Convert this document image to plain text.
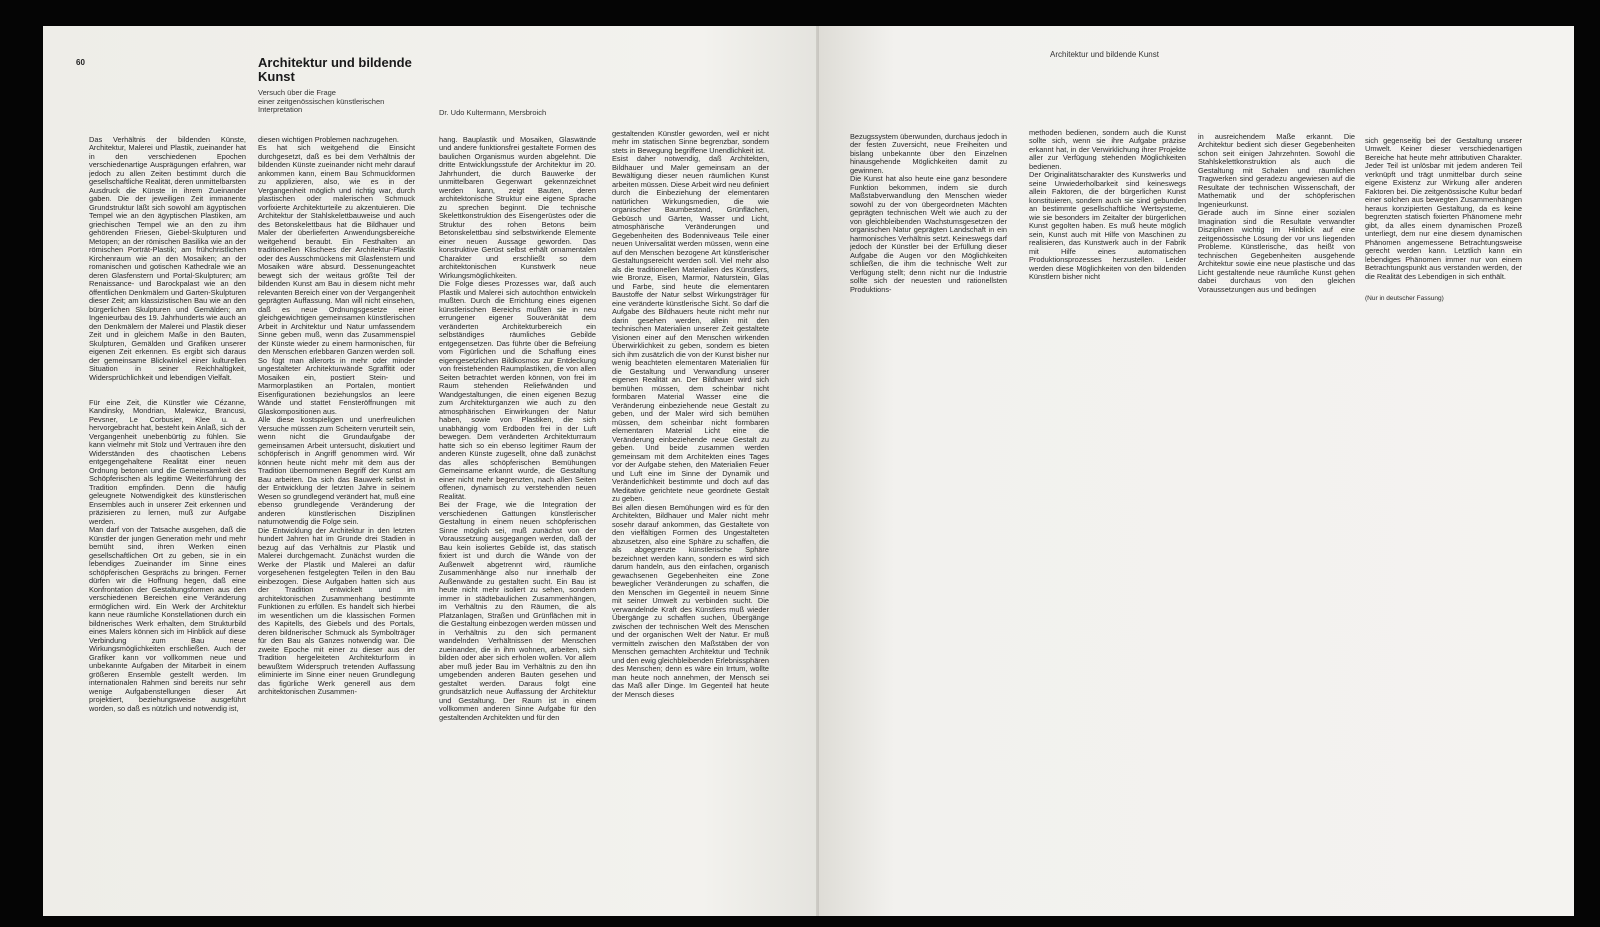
60	Architektur und bildende
Kunst
Versuch über die Frage
einer zeitgenössischen künstlerischen
Interpretation	Dr. Udo Kultermann, Mersbroich

Das Verhältnis der bildenden Künste, Architektur, Malerei und Plastik, zueinander hat in den verschiedenen Epochen verschiedenartige Ausprägungen erfahren, war jedoch zu allen Zeiten bestimmt durch die gesellschaftliche Realität, deren unmittelbarsten Ausdruck die Künste in ihrem Zueinander gaben. Die der jeweiligen Zeit immanente Grundstruktur läßt sich sowohl am ägyptischen Tempel wie an den ägyptischen Plastiken, am griechischen Tempel wie an den zu ihm gehörenden Friesen, Giebel-Skulpturen und Metopen; an der römischen Basilika wie an der römischen Porträt-Plastik; am frühchristlichen Kirchenraum wie an den Mosaiken; an der romanischen und gotischen Kathedrale wie an deren Glasfenstern und Portal-Skulpturen; am Renaissance- und Barockpalast wie an den öffentlichen Denkmälern und Garten-Skulpturen dieser Zeit; am klassizistischen Bau wie an den bürgerlichen Skulpturen und Gemälden; am Ingenieurbau des 19. Jahrhunderts wie auch an den Denkmälern der Malerei und Plastik dieser Zeit und in gleichem Maße in den Bauten, Skulpturen, Gemälden und Grafiken unserer eigenen Zeit erkennen. Es ergibt sich daraus der gemeinsame Blickwinkel einer kulturellen Situation in seiner Reichhaltigkeit, Widersprüchlichkeit und lebendigen Vielfalt.

Für eine Zeit, die Künstler wie Cézanne, Kandinsky, Mondrian, Malewicz, Brancusi, Pevsner, Le Corbusier, Klee u. a. hervorgebracht hat, besteht kein Anlaß, sich der Vergangenheit unebenbürtig zu fühlen. Sie kann vielmehr mit Stolz und Vertrauen ihre den Widerständen des chaotischen Lebens entgegengehaltene Realität einer neuen Ordnung betonen und die Gemeinsamkeit des Schöpferischen als legitime Weiterführung der Tradition empfinden. Denn die häufig geleugnete Notwendigkeit des künstlerischen Ensembles auch in unserer Zeit erkennen und präzisieren zu lernen, muß zur Aufgabe werden.
Man darf von der Tatsache ausgehen, daß die Künstler der jungen Generation mehr und mehr bemüht sind, ihren Werken einen gesellschaftlichen Ort zu geben, sie in ein lebendiges Zueinander im Sinne eines schöpferischen Gesprächs zu bringen. Ferner dürfen wir die Hoffnung hegen, daß eine Konfrontation der Gestaltungsformen aus den verschiedenen Bereichen eine Veränderung ermöglichen wird. Ein Werk der Architektur kann neue räumliche Konstellationen durch ein bildnerisches Werk erhalten, dem Strukturbild eines Malers können sich im Hinblick auf diese Verbindung zum Bau neue Wirkungsmöglichkeiten erschließen. Auch der Grafiker kann vor vollkommen neue und unbekannte Aufgaben der Mitarbeit in einem größeren Ensemble gestellt werden. Im internationalen Rahmen sind bereits nur sehr wenige Aufgabenstellungen dieser Art projektiert, beziehungsweise ausgeführt worden, so daß es nützlich und notwendig ist,

diesen wichtigen Problemen nachzugehen.
Es hat sich weitgehend die Einsicht durchgesetzt, daß es bei dem Verhältnis der bildenden Künste zueinander nicht mehr darauf ankommen kann, einem Bau Schmuckformen zu applizieren, also, wie es in der Vergangenheit möglich und richtig war, durch plastischen oder malerischen Schmuck vorfixierte Architekturteile zu akzentuieren. Die Architektur der Stahlskelettbauweise und auch des Betonskelettbaus hat die Bildhauer und Maler der überlieferten Anwendungsbereiche weitgehend beraubt. Ein Festhalten an traditionellen Klischees der Architektur-Plastik oder des Ausschmückens mit Glasfenstern und Mosaiken wäre absurd. Dessenungeachtet bewegt sich der weitaus größte Teil der bildenden Kunst am Bau in diesem nicht mehr relevanten Bereich einer von der Vergangenheit geprägten Auffassung. Man will nicht einsehen, daß es neue Ordnungsgesetze einer gleichgewichtigen gemeinsamen künstlerischen Arbeit in Architektur und Natur umfassendem Sinne geben muß, wenn das Zusammenspiel der Künste wieder zu einem harmonischen, für den Menschen erlebbaren Ganzen werden soll. So fügt man allerorts in mehr oder minder ungestalteter Architekturwände Sgraffitit oder Mosaiken ein, postiert Stein- und Marmorplastiken an Portalen, montiert Eisenfigurationen beziehungslos an leere Wände und stattet Fensteröffnungen mit Glaskompositionen aus.
Alle diese kostspieligen und unerfreulichen Versuche müssen zum Scheitern verurteilt sein, wenn nicht die Grundaufgabe der gemeinsamen Arbeit untersucht, diskutiert und schöpferisch in Angriff genommen wird. Wir können heute nicht mehr mit dem aus der Tradition übernommenen Begriff der Kunst am Bau arbeiten. Da sich das Bauwerk selbst in der Entwicklung der letzten Jahre in seinem Wesen so grundlegend verändert hat, muß eine ebenso grundlegende Veränderung der anderen künstlerischen Disziplinen naturnotwendig die Folge sein.
Die Entwicklung der Architektur in den letzten hundert Jahren hat im Grunde drei Stadien in bezug auf das Verhältnis zur Plastik und Malerei durchgemacht. Zunächst wurden die Werke der Plastik und Malerei an dafür vorgesehenen festgelegten Teilen in den Bau einbezogen. Diese Aufgaben hatten sich aus der Tradition entwickelt und im architektonischen Zusammenhang bestimmte Funktionen zu erfüllen. Es handelt sich hierbei im wesentlichen um die klassischen Formen des Kapitells, des Giebels und des Portals, deren bildnerischer Schmuck als Symbolträger für den Bau als Ganzes notwendig war. Die zweite Epoche mit einer zu dieser aus der Tradition hergeleiteten Architekturform in bewußtem Widerspruch tretenden Auffassung eliminierte im Sinne einer neuen Grundlegung das figürliche Werk generell aus dem architektonischen Zusammen-

hang. Bauplastik und Mosaiken, Glaswände und andere funktionsfrei gestaltete Formen des baulichen Organismus wurden abgelehnt. Die dritte Entwicklungsstufe der Architektur im 20. Jahrhundert, die durch Bauwerke der unmittelbaren Gegenwart gekennzeichnet werden kann, zeigt Bauten, deren architektonische Struktur eine eigene Sprache zu sprechen beginnt. Die technische Skelettkonstruktion des Eisengerüstes oder die Struktur des rohen Betons beim Betonskelettbau sind selbstwirkende Elemente einer neuen Aussage geworden. Das konstruktive Gerüst selbst erhält ornamentalen Charakter und erschließt so dem architektonischen Kunstwerk neue Wirkungsmöglichkeiten.
Die Folge dieses Prozesses war, daß auch Plastik und Malerei sich autochthon entwickeln mußten. Durch die Errichtung eines eigenen künstlerischen Bereichs mußten sie in neu errungener eigener Souveränität dem veränderten Architekturbereich ein selbständiges räumliches Gebilde entgegensetzen. Das führte über die Befreiung vom Figürlichen und die Schaffung eines eigengesetzlichen Bildkosmos zur Entdeckung von freistehenden Raumplastiken, die von allen Seiten betrachtet werden können, von frei im Raum stehenden Reliefwänden und Wandgestaltungen, die einen eigenen Bezug zum Architekturganzen wie auch zu den atmosphärischen Einwirkungen der Natur haben, sowie von Plastiken, die sich unabhängig vom Erdboden frei in der Luft bewegen. Dem veränderten Architekturraum hatte sich so ein ebenso legitimer Raum der anderen Künste zugesellt, ohne daß zunächst das alles schöpferischen Bemühungen Gemeinsame erkannt wurde, die Gestaltung einer nicht mehr begrenzten, nach allen Seiten offenen, dynamisch zu verstehenden neuen Realität.
Bei der Frage, wie die Integration der verschiedenen Gattungen künstlerischer Gestaltung in einem neuen schöpferischen Sinne möglich sei, muß zunächst von der Voraussetzung ausgegangen werden, daß der Bau kein isoliertes Gebilde ist, das statisch fixiert ist und durch die Wände von der Außenwelt abgetrennt wird, räumliche Zusammenhänge also nur innerhalb der Außenwände zu gestalten sucht. Ein Bau ist heute nicht mehr isoliert zu sehen, sondern immer in städtebaulichen Zusammenhängen, im Verhältnis zu den Räumen, die als Platzanlagen, Straßen und Grünflächen mit in die Gestaltung einbezogen werden müssen und in Verhältnis zu den sich permanent wandelnden Verhältnissen der Menschen zueinander, die in ihm wohnen, arbeiten, sich bilden oder aber sich erholen wollen. Vor allem aber muß jeder Bau im Verhältnis zu den ihn umgebenden anderen Bauten gesehen und gestaltet werden. Daraus folgt eine grundsätzlich neue Auffassung der Architektur und Gestaltung. Der Raum ist in einem vollkommen anderen Sinne Aufgabe für den gestaltenden Architekten und für den

gestaltenden Künstler geworden, weil er nicht mehr im statischen Sinne begrenzbar, sondern stets in Bewegung begriffene Unendlichkeit ist.
Esist daher notwendig, daß Architekten, Bildhauer und Maler gemeinsam an der Bewältigung dieser neuen räumlichen Kunst arbeiten müssen. Diese Arbeit wird neu definiert durch die Einbeziehung der elementaren natürlichen Wirkungsmedien, die wie organischer Baumbestand, Grünflächen, Gebüsch und Gärten, Wasser und Licht, atmosphärische Veränderungen und Gegebenheiten des Bodenniveaus Teile einer neuen Universalität werden müssen, wenn eine auf den Menschen bezogene Art künstlerischer Gestaltungsereicht werden soll. Viel mehr also als die traditionellen Materialien des Künstlers, wie Bronze, Eisen, Marmor, Naturstein, Glas und Farbe, sind heute die elementaren Baustoffe der Natur selbst Wirkungsträger für eine veränderte künstlerische Sicht. So darf die Aufgabe des Bildhauers heute nicht mehr nur darin gesehen werden, allein mit den technischen Materialien unserer Zeit gestaltete Visionen einer auf den Menschen wirkenden Überwirklichkeit zu geben, sondern es bieten sich ihm zusätzlich die von der Kunst bisher nur wenig beachteten elementaren Materialien für die Gestaltung und Verwandlung unserer eigenen Realität an. Der Bildhauer wird sich bemühen müssen, dem scheinbar nicht formbaren Material Wasser eine die Veränderung einbeziehende neue Gestalt zu geben, und der Maler wird sich bemühen müssen, dem scheinbar nicht formbaren elementaren Material Licht eine die Veränderung einbeziehende neue Gestalt zu geben. Und beide zusammen werden gemeinsam mit dem Architekten eines Tages vor der Aufgabe stehen, den Materialien Feuer und Luft eine im Sinne der Dynamik und Veränderlichkeit bestimmte und doch auf das Meditative gerichtete neue geordnete Gestalt zu geben.
Bei allen diesen Bemühungen wird es für den Architekten, Bildhauer und Maler nicht mehr sosehr darauf ankommen, das Gestaltete von den vielfältigen Formen des Ungestalteten abzusetzen, also eine Sphäre zu schaffen, die als abgegrenzte künstlerische Sphäre bezeichnet werden kann, sondern es wird sich darum handeln, aus den einfachen, organisch gewachsenen Gegebenheiten eine Zone beweglicher Veränderungen zu schaffen, die den Menschen im Gegenteil in neuem Sinne mit seiner Umwelt zu verbinden sucht. Die verwandelnde Kraft des Künstlers muß wieder Übergänge zu schaffen suchen, Übergänge zwischen der technischen Welt des Menschen und der organischen Welt der Natur. Er muß vermitteln zwischen den Maßstäben der von Menschen gemachten Architektur und Technik und den ewig gleichbleibenden Erlebnissphären des Menschen; denn es wäre ein Irrtum, wollte man heute noch annehmen, der Mensch sei das Maß aller Dinge. Im Gegenteil hat heute der Mensch dieses

Architektur und bildende Kunst

Bezugssystem überwunden, durchaus jedoch in der festen Zuversicht, neue Freiheiten und bislang unbekannte über den Einzelnen hinausgehende Möglichkeiten damit zu gewinnen.
Die Kunst hat also heute eine ganz besondere Funktion bekommen, indem sie durch Maßstabverwandlung den Menschen wieder sowohl zu der von übergeordneten Mächten geprägten technischen Welt wie auch zu der von gleichbleibenden Wachstumsgesetzen der organischen Natur geprägten Landschaft in ein harmonisches Verhältnis setzt. Keineswegs darf jedoch der Künstler bei der Erfüllung dieser Aufgabe die Augen vor den Möglichkeiten schließen, die ihm die technische Welt zur Verfügung stellt; denn nicht nur die Industrie sollte sich der neuesten und rationellsten Produktions-

methoden bedienen, sondern auch die Kunst sollte sich, wenn sie ihre Aufgabe präzise erkannt hat, in der Verwirklichung ihrer Projekte aller zur Verfügung stehenden Möglichkeiten bedienen.
Der Originalitätscharakter des Kunstwerks und seine Unwiederholbarkeit sind keineswegs allein Faktoren, die der bürgerlichen Kunst konstituieren, sondern auch sie sind gebunden an bestimmte gesellschaftliche Wertsysteme, wie sie besonders im Zeitalter der bürgerlichen Kunst gegolten haben. Es muß heute möglich sein, Kunst auch mit Hilfe von Maschinen zu realisieren, das Kunstwerk auch in der Fabrik mit Hilfe eines automatischen Produktionsprozesses herzustellen. Leider werden diese Möglichkeiten von den bildenden Künstlern bisher nicht

in ausreichendem Maße erkannt. Die Architektur bedient sich dieser Gegebenheiten schon seit einigen Jahrzehnten. Sowohl die Stahlskelettkonstruktion als auch die Gestaltung mit Schalen und räumlichen Tragwerken sind geradezu angewiesen auf die Resultate der technischen Wissenschaft, der Mathematik und der schöpferischen Ingenieurkunst.
Gerade auch im Sinne einer sozialen Imagination sind die Resultate verwandter Disziplinen wichtig im Hinblick auf eine zeitgenössische Lösung der vor uns liegenden Probleme. Künstlerische, das heißt von technischen Gegebenheiten ausgehende Architektur sowie eine neue plastische und das Licht gestaltende neue räumliche Kunst gehen dabei durchaus von den gleichen Voraussetzungen aus und bedingen

sich gegenseitig bei der Gestaltung unserer Umwelt. Keiner dieser verschiedenartigen Bereiche hat heute mehr attributiven Charakter. Jeder Teil ist unlösbar mit jedem anderen Teil verknüpft und trägt unmittelbar durch seine eigene Existenz zur Wirkung aller anderen Faktoren bei. Die zeitgenössische Kultur bedarf einer solchen aus bewegten Zusammenhängen heraus konzipierten Gestaltung, da es keine begrenzten statisch fixierten Phänomene mehr gibt, da alles einem dynamischen Prozeß unterliegt, dem nur eine diesem dynamischen Phänomen angemessene Betrachtungsweise gerecht werden kann. Letztlich kann ein lebendiges Phänomen immer nur von einem Betrachtungspunkt aus verstanden werden, der die Realität des Lebendigen in sich enthält.

(Nur in deutscher Fassung)
